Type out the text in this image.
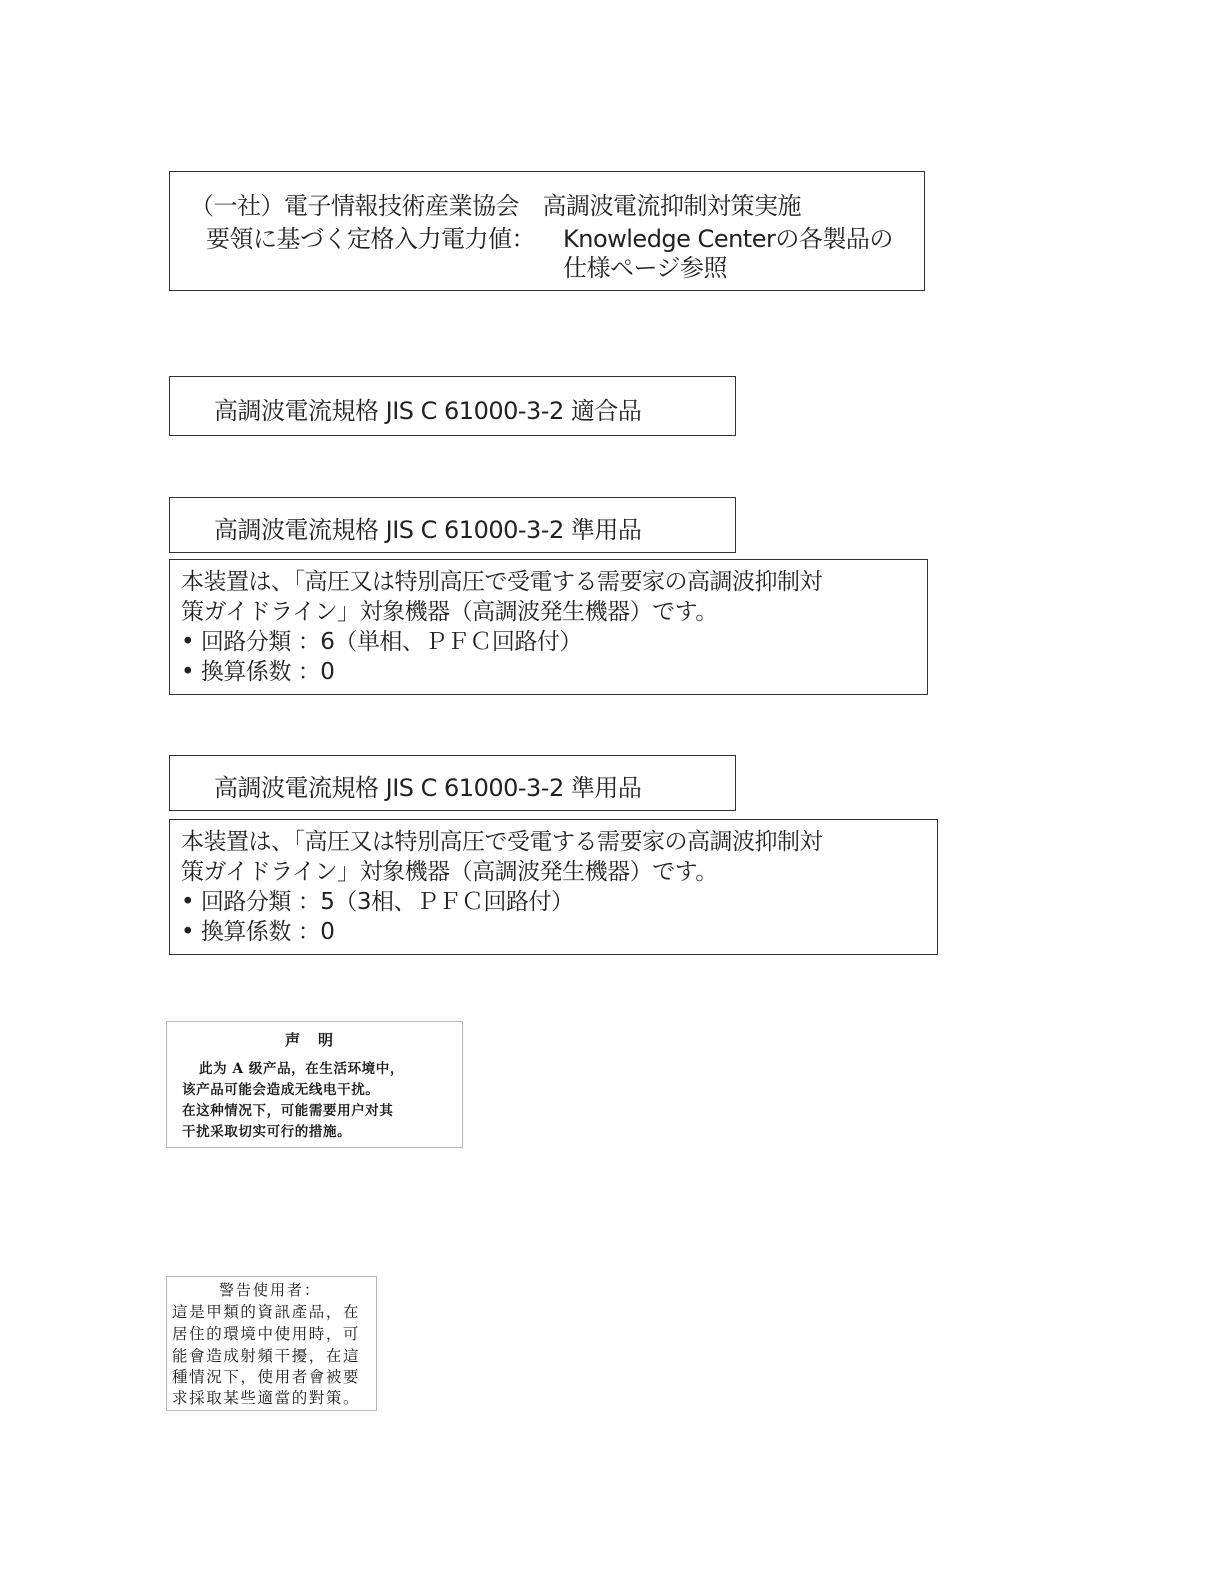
（一社）電子情報技術産業協会　高調波電流抑制対策実施
要領に基づく定格入力電力値： Knowledge Centerの各製品の
仕様ページ参照
高調波電流規格 JIS C 61000-3-2 適合品
高調波電流規格 JIS C 61000-3-2 準用品
本装置は、「高圧又は特別高圧で受電する需要家の高調波抑制対
策ガイドライン」対象機器（高調波発生機器）です。
• 回路分類 ：6（単相、ＰＦＣ回路付）
• 換算係数 ：0
高調波電流規格 JIS C 61000-3-2 準用品
本装置は、「高圧又は特別高圧で受電する需要家の高調波抑制対
策ガイドライン」対象機器（高調波発生機器）です。
• 回路分類 ：5（3相、ＰＦＣ回路付）
• 換算係数 ：0
声明
此为 A 级产品，在生活环境中，
该产品可能会造成无线电干扰。
在这种情况下，可能需要用户对其
干扰采取切实可行的措施。
警告使用者：
這是甲類的資訊產品，在
居住的環境中使用時，可
能會造成射頻干擾，在這
種情況下，使用者會被要
求採取某些適當的對策。
